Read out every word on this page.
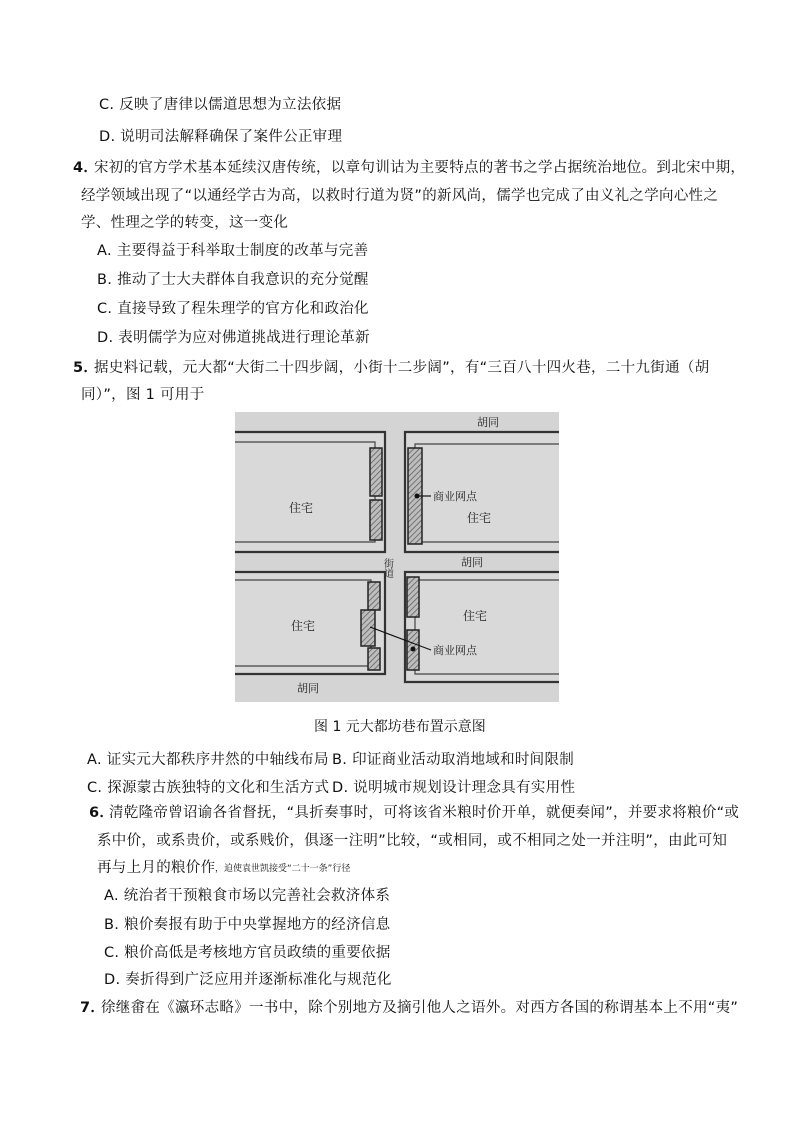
C. 反映了唐律以儒道思想为立法依据
D. 说明司法解释确保了案件公正审理
4．
宋初的官方学术基本延续汉唐传统，以章句训诂为主要特点的著书之学占据统治地位。到北宋中期，
经学领域出现了“以通经学古为高，以救时行道为贤”的新风尚，儒学也完成了由义礼之学向心性之
学、性理之学的转变，这一变化
A. 主要得益于科举取士制度的改革与完善
B. 推动了士大夫群体自我意识的充分觉醒
C. 直接导致了程朱理学的官方化和政治化
D. 表明儒学为应对佛道挑战进行理论革新
5．
据史料记载，元大都“大街二十四步阔，小街十二步阔”，有“三百八十四火巷，二十九街通（胡
同）”，图 1 可用于
胡同
住宅
商业网点
住宅
胡同
街道
住宅
住宅
商业网点
胡同
图 1 元大都坊巷布置示意图
A. 证实元大都秩序井然的中轴线布局 B. 印证商业活动取消地域和时间限制
C. 探源蒙古族独特的文化和生活方式 D. 说明城市规划设计理念具有实用性
6．
清乾隆帝曾诏谕各省督抚，“具折奏事时，可将该省米粮时价开单，就便奏闻”，并要求将粮价“或
系中价，或系贵价，或系贱价，俱逐一注明”比较，“或相同，或不相同之处一并注明”，由此可知
再与上月的粮价作 ，迫使袁世凯接受“二十一条”行径
A. 统治者干预粮食市场以完善社会救济体系
B. 粮价奏报有助于中央掌握地方的经济信息
C. 粮价高低是考核地方官员政绩的重要依据
D. 奏折得到广泛应用并逐渐标准化与规范化
7．
徐继畬在《瀛环志略》一书中，除个别地方及摘引他人之语外。对西方各国的称谓基本上不用“夷”
